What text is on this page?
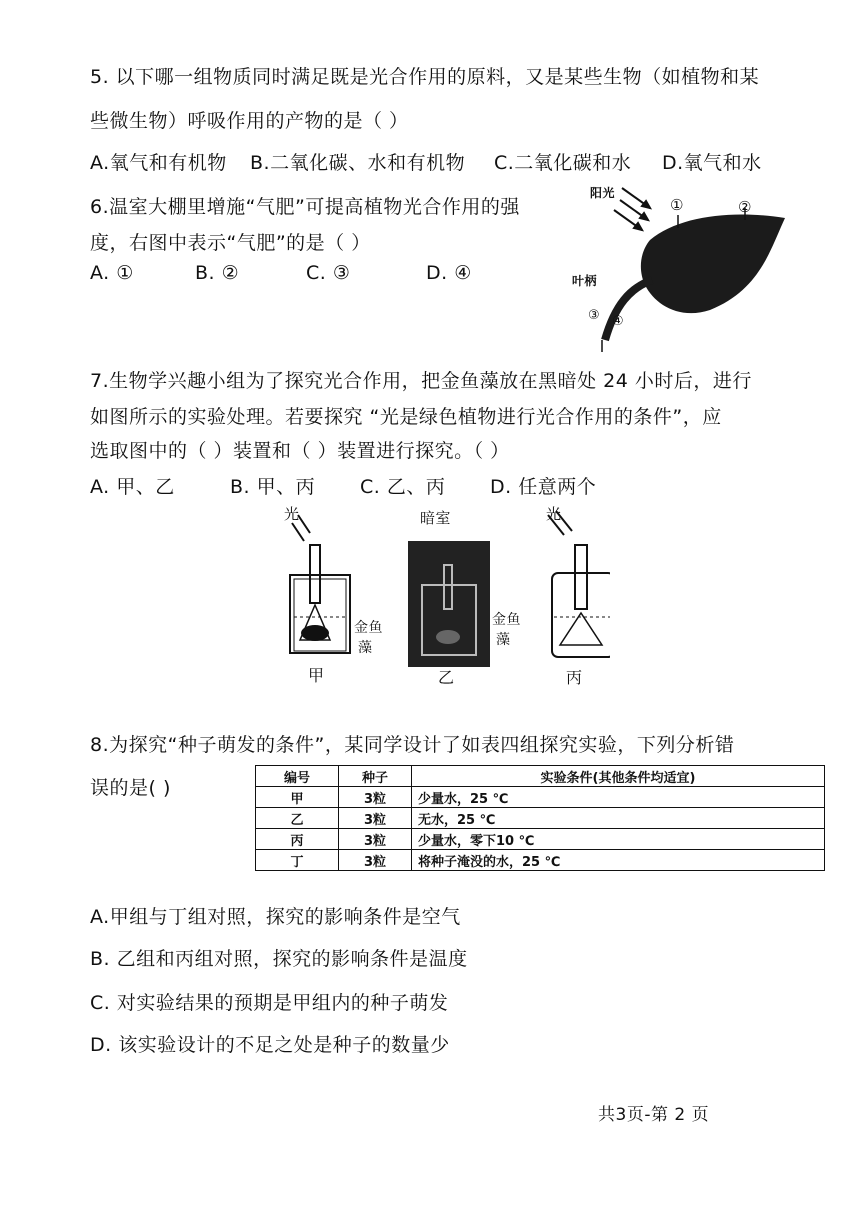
5. 以下哪一组物质同时满足既是光合作用的原料，又是某些生物（如植物和某
些微生物）呼吸作用的产物的是（ ）
A.氧气和有机物 B.二氧化碳、水和有机物 C.二氧化碳和水 D.氧气和水
6.温室大棚里增施“气肥”可提高植物光合作用的强
度，右图中表示“气肥”的是（ ）
A. ①	B. ②	C. ③	D. ④
阳光
叶柄
①	②
③ ④
7.生物学兴趣小组为了探究光合作用，把金鱼藻放在黑暗处 24 小时后，进行
如图所示的实验处理。若要探究 “光是绿色植物进行光合作用的条件”，应
选取图中的（ ）装置和（ ）装置进行探究。（ ）
A. 甲、乙	B. 甲、丙 C. 乙、丙 D. 任意两个
光	暗室	光
金鱼
藻
金鱼
藻
甲	乙	丙
8.为探究“种子萌发的条件”，某同学设计了如表四组探究实验，下列分析错
误的是( )	编号	种子	实验条件(其他条件均适宜)
甲	3粒	少量水，25 ℃
乙	3粒	无水，25 ℃
丙	3粒	少量水，零下10 ℃
丁	3粒	将种子淹没的水，25 ℃
A.甲组与丁组对照，探究的影响条件是空气
B. 乙组和丙组对照，探究的影响条件是温度
C. 对实验结果的预期是甲组内的种子萌发
D. 该实验设计的不足之处是种子的数量少
共3页-第 2 页
